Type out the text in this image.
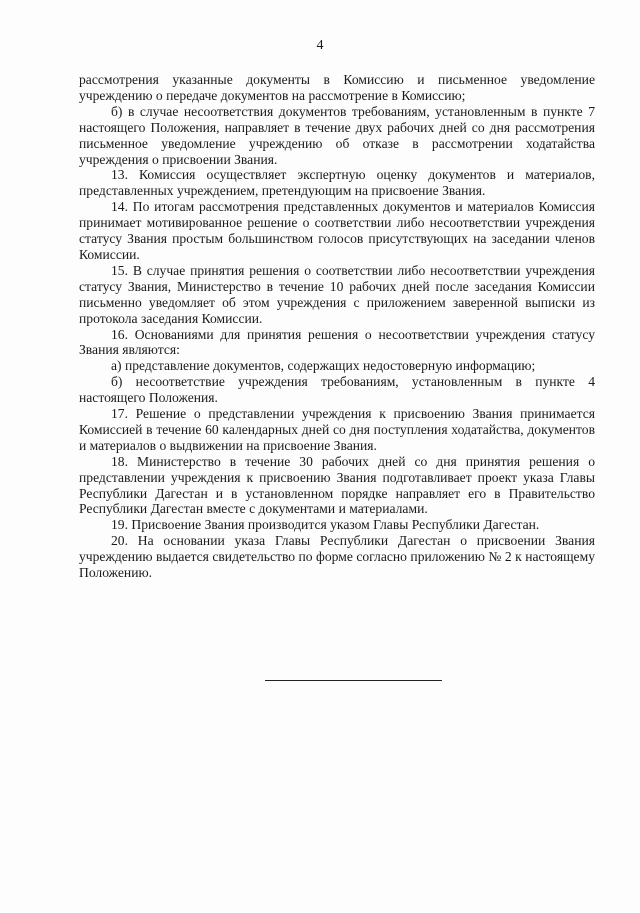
4

рассмотрения указанные документы в Комиссию и письменное уведомление учреждению о передаче документов на рассмотрение в Комиссию;

б) в случае несоответствия документов требованиям, установленным в пункте 7 настоящего Положения, направляет в течение двух рабочих дней со дня рассмотрения письменное уведомление учреждению об отказе в рассмотрении ходатайства учреждения о присвоении Звания.

13. Комиссия осуществляет экспертную оценку документов и материалов, представленных учреждением, претендующим на присвоение Звания.

14. По итогам рассмотрения представленных документов и материалов Комиссия принимает мотивированное решение о соответствии либо несоответствии учреждения статусу Звания простым большинством голосов присутствующих на заседании членов Комиссии.

15. В случае принятия решения о соответствии либо несоответствии учреждения статусу Звания, Министерство в течение 10 рабочих дней после заседания Комиссии письменно уведомляет об этом учреждения с приложением заверенной выписки из протокола заседания Комиссии.

16. Основаниями для принятия решения о несоответствии учреждения статусу Звания являются:

а) представление документов, содержащих недостоверную информацию;

б) несоответствие учреждения требованиям, установленным в пункте 4 настоящего Положения.

17. Решение о представлении учреждения к присвоению Звания принимается Комиссией в течение 60 календарных дней со дня поступления ходатайства, документов и материалов о выдвижении на присвоение Звания.

18. Министерство в течение 30 рабочих дней со дня принятия решения о представлении учреждения к присвоению Звания подготавливает проект указа Главы Республики Дагестан и в установленном порядке направляет его в Правительство Республики Дагестан вместе с документами и материалами.

19. Присвоение Звания производится указом Главы Республики Дагестан.

20. На основании указа Главы Республики Дагестан о присвоении Звания учреждению выдается свидетельство по форме согласно приложению № 2 к настоящему Положению.
